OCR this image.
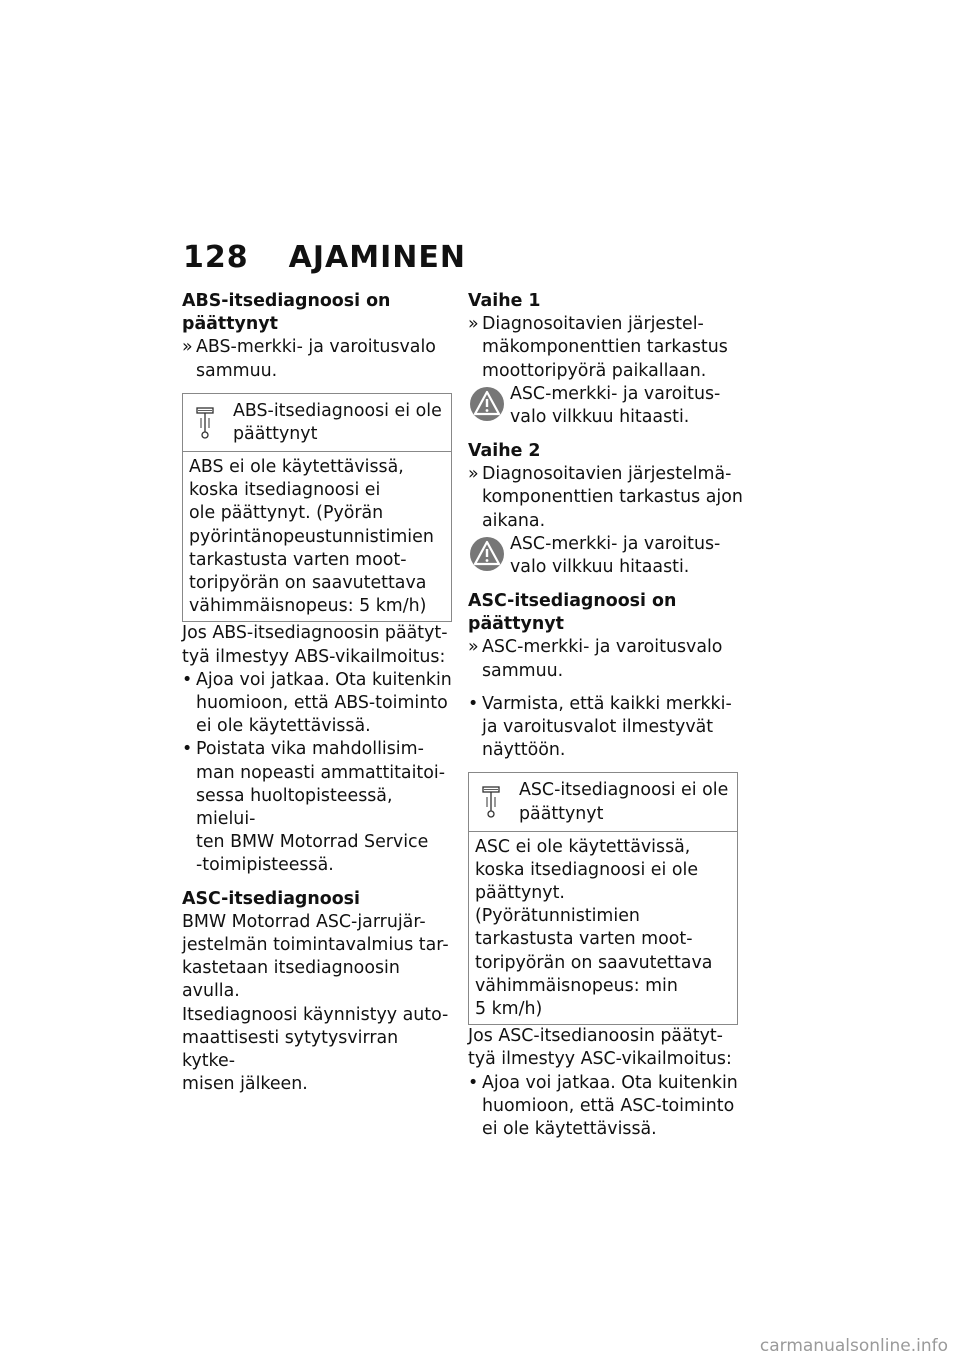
128 AJAMINEN
ABS-itsediagnoosi on
päättynyt
» ABS-merkki- ja varoitusvalo
sammuu.
ABS-itsediagnoosi ei ole
päättynyt
ABS ei ole käytettävissä,
koska itsediagnoosi ei
ole päättynyt. (Pyörän
pyörintänopeustunnistimien
tarkastusta varten moot-
toripyörän on saavutettava
vähimmäisnopeus: 5 km/h)
Jos ABS-itsediagnoosin päätyt-
tyä ilmestyy ABS-vikailmoitus:
• Ajoa voi jatkaa. Ota kuitenkin
huomioon, että ABS-toiminto
ei ole käytettävissä.
• Poistata vika mahdollisim-
man nopeasti ammattitaitoi-
sessa huoltopisteessä, mielui-
ten BMW Motorrad Service
-toimipisteessä.
ASC-itsediagnoosi
BMW Motorrad ASC-jarrujär-
jestelmän toimintavalmius tar-
kastetaan itsediagnoosin avulla.
Itsediagnoosi käynnistyy auto-
maattisesti sytytysvirran kytke-
misen jälkeen.
Vaihe 1
» Diagnosoitavien järjestel-
mäkomponenttien tarkastus
moottoripyörä paikallaan.
ASC-merkki- ja varoitus-
valo vilkkuu hitaasti.
Vaihe 2
» Diagnosoitavien järjestelmä-
komponenttien tarkastus ajon
aikana.
ASC-merkki- ja varoitus-
valo vilkkuu hitaasti.
ASC-itsediagnoosi on
päättynyt
» ASC-merkki- ja varoitusvalo
sammuu.
• Varmista, että kaikki merkki-
ja varoitusvalot ilmestyvät
näyttöön.
ASC-itsediagnoosi ei ole
päättynyt
ASC ei ole käytettävissä,
koska itsediagnoosi ei ole
päättynyt. (Pyörätunnistimien
tarkastusta varten moot-
toripyörän on saavutettava
vähimmäisnopeus: min
5 km/h)
Jos ASC-itsedianoosin päätyt-
tyä ilmestyy ASC-vikailmoitus:
• Ajoa voi jatkaa. Ota kuitenkin
huomioon, että ASC-toiminto
ei ole käytettävissä.
carmanualsonline.info
